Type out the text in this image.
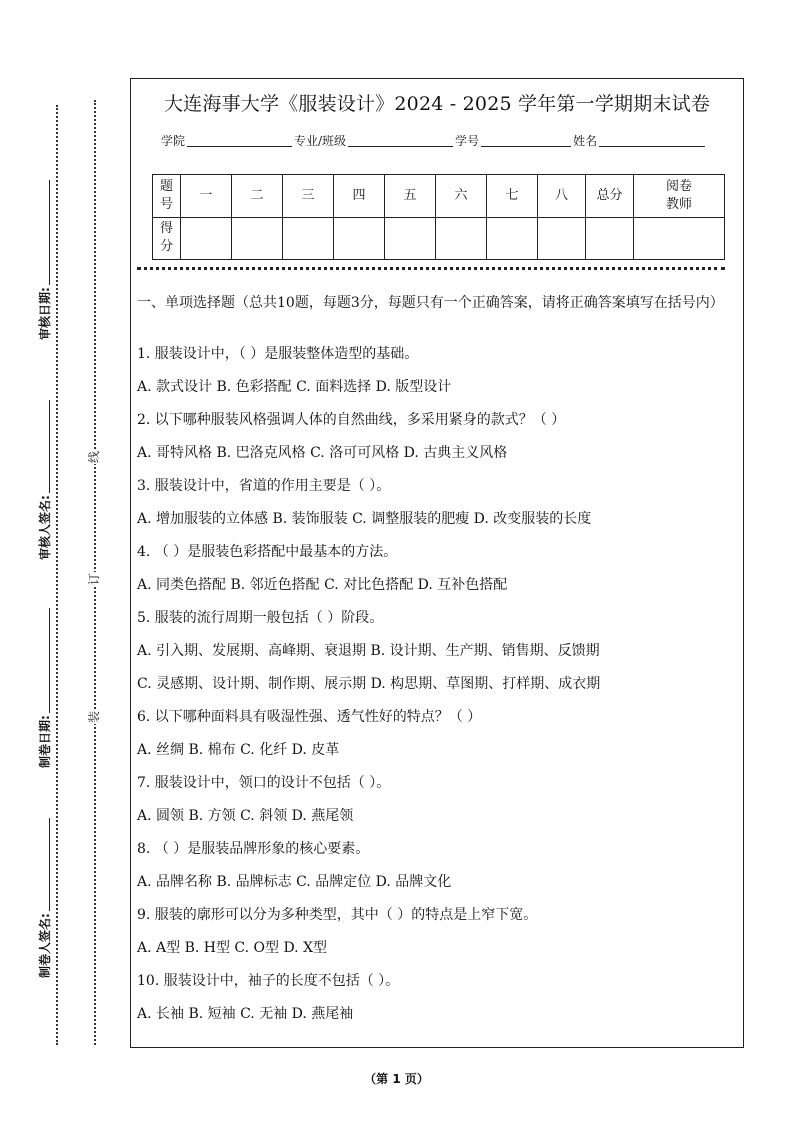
审核日期:
审核人签名:
制卷日期:
制卷人签名:
线
订
装
大连海事大学《服装设计》2024 - 2025 学年第一学期期末试卷
学院	专业/班级	学号	姓名
题
号	一	二	三	四	五	六	七	八	总分	阅卷
教师
得
分										
一、单项选择题（总共10题，每题3分，每题只有一个正确答案，请将正确答案填写在括号内）
1. 服装设计中，（ ）是服装整体造型的基础。
A. 款式设计 B. 色彩搭配 C. 面料选择 D. 版型设计
2. 以下哪种服装风格强调人体的自然曲线，多采用紧身的款式？（ ）
A. 哥特风格 B. 巴洛克风格 C. 洛可可风格 D. 古典主义风格
3. 服装设计中，省道的作用主要是（ ）。
A. 增加服装的立体感 B. 装饰服装 C. 调整服装的肥瘦 D. 改变服装的长度
4. （ ）是服装色彩搭配中最基本的方法。
A. 同类色搭配 B. 邻近色搭配 C. 对比色搭配 D. 互补色搭配
5. 服装的流行周期一般包括（ ）阶段。
A. 引入期、发展期、高峰期、衰退期 B. 设计期、生产期、销售期、反馈期
C. 灵感期、设计期、制作期、展示期 D. 构思期、草图期、打样期、成衣期
6. 以下哪种面料具有吸湿性强、透气性好的特点？（ ）
A. 丝绸 B. 棉布 C. 化纤 D. 皮革
7. 服装设计中，领口的设计不包括（ ）。
A. 圆领 B. 方领 C. 斜领 D. 燕尾领
8. （ ）是服装品牌形象的核心要素。
A. 品牌名称 B. 品牌标志 C. 品牌定位 D. 品牌文化
9. 服装的廓形可以分为多种类型，其中（ ）的特点是上窄下宽。
A. A型 B. H型 C. O型 D. X型
10. 服装设计中，袖子的长度不包括（ ）。
A. 长袖 B. 短袖 C. 无袖 D. 燕尾袖
（第 1 页）
